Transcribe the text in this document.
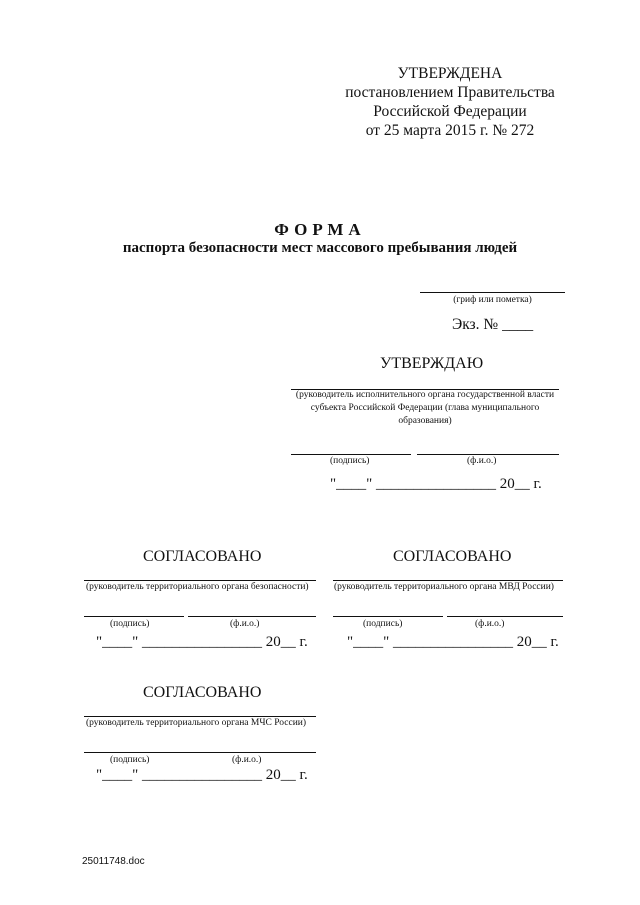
УТВЕРЖДЕНА
постановлением Правительства
Российской Федерации
от 25 марта 2015 г. № 272
ФОРМА
паспорта безопасности мест массового пребывания людей
(гриф или пометка)
Экз. № ____
УТВЕРЖДАЮ
(руководитель исполнительного органа государственной власти
субъекта Российской Федерации (глава муниципального
образования)
(подпись)	(ф.и.о.)
"____" ________________ 20__ г.
СОГЛАСОВАНО
(руководитель территориального органа безопасности)
(подпись)	(ф.и.о.)
"____" ________________ 20__ г.
СОГЛАСОВАНО
(руководитель территориального органа МВД России)
(подпись)	(ф.и.о.)
"____" ________________ 20__ г.
СОГЛАСОВАНО
(руководитель территориального органа МЧС России)
(подпись)	(ф.и.о.)
"____" ________________ 20__ г.
25011748.doc
